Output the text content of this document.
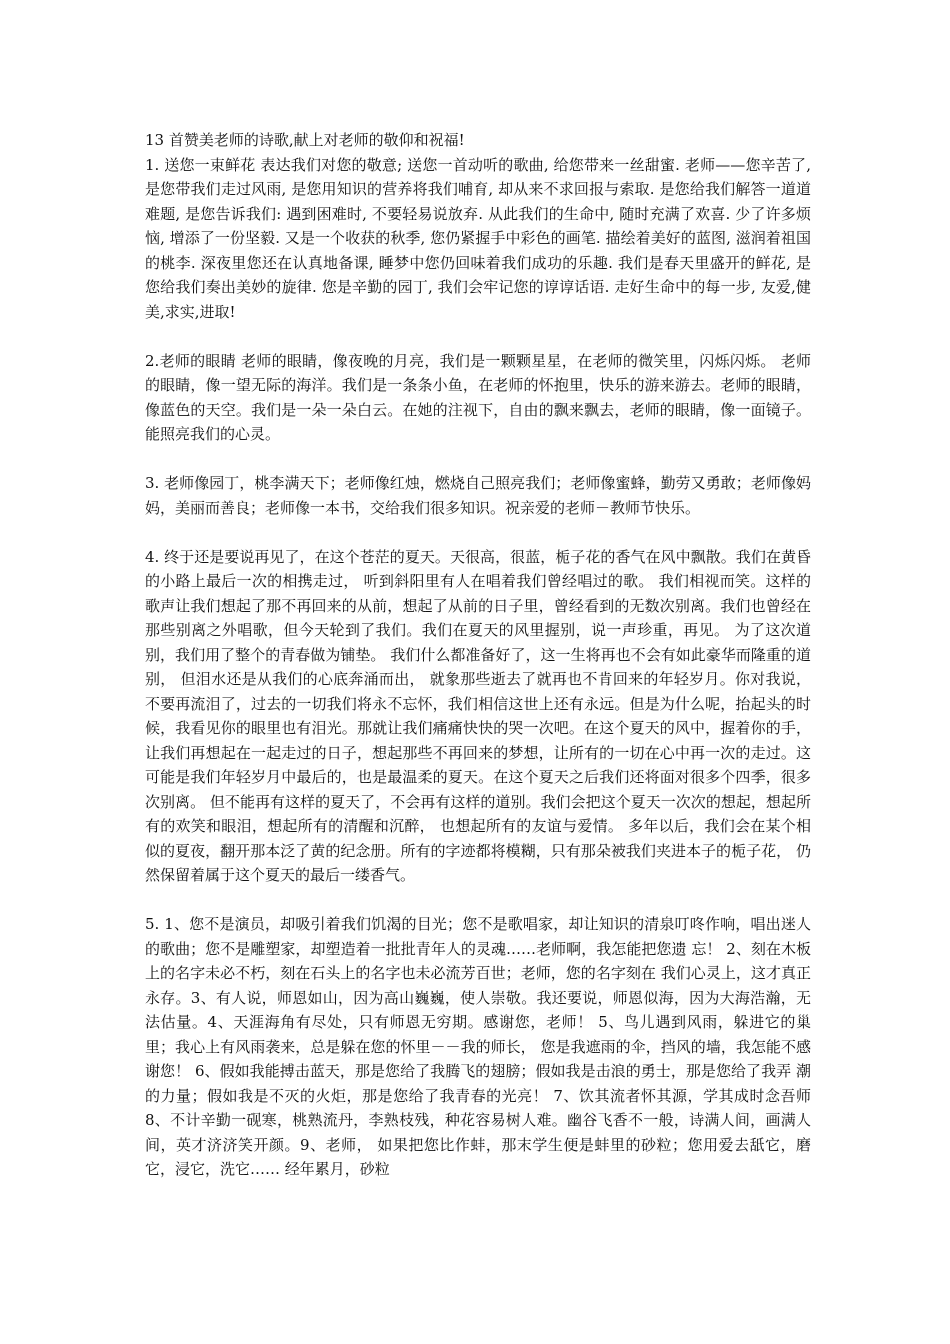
13 首赞美老师的诗歌,献上对老师的敬仰和祝福!

1. 送您一束鲜花 表达我们对您的敬意; 送您一首动听的歌曲, 给您带来一丝甜蜜. 老师——您辛苦了, 是您带我们走过风雨, 是您用知识的营养将我们哺育, 却从来不求回报与索取. 是您给我们解答一道道难题, 是您告诉我们: 遇到困难时, 不要轻易说放弃. 从此我们的生命中, 随时充满了欢喜. 少了许多烦恼, 增添了一份坚毅. 又是一个收获的秋季, 您仍紧握手中彩色的画笔. 描绘着美好的蓝图, 滋润着祖国的桃李. 深夜里您还在认真地备课, 睡梦中您仍回味着我们成功的乐趣. 我们是春天里盛开的鲜花, 是您给我们奏出美妙的旋律. 您是辛勤的园丁, 我们会牢记您的谆谆话语. 走好生命中的每一步, 友爱,健美,求实,进取!

2.老师的眼睛 老师的眼睛，像夜晚的月亮，我们是一颗颗星星，在老师的微笑里，闪烁闪烁。 老师的眼睛，像一望无际的海洋。我们是一条条小鱼，在老师的怀抱里，快乐的游来游去。老师的眼睛，像蓝色的天空。我们是一朵一朵白云。在她的注视下，自由的飘来飘去，老师的眼睛，像一面镜子。 能照亮我们的心灵。

3. 老师像园丁，桃李满天下；老师像红烛，燃烧自己照亮我们；老师像蜜蜂，勤劳又勇敢；老师像妈妈，美丽而善良；老师像一本书，交给我们很多知识。祝亲爱的老师－教师节快乐。

4. 终于还是要说再见了，在这个苍茫的夏天。天很高，很蓝，栀子花的香气在风中飘散。我们在黄昏的小路上最后一次的相携走过， 听到斜阳里有人在唱着我们曾经唱过的歌。 我们相视而笑。这样的歌声让我们想起了那不再回来的从前，想起了从前的日子里，曾经看到的无数次别离。我们也曾经在那些别离之外唱歌，但今天轮到了我们。我们在夏天的风里握别，说一声珍重，再见。 为了这次道别，我们用了整个的青春做为铺垫。 我们什么都准备好了，这一生将再也不会有如此豪华而隆重的道别， 但泪水还是从我们的心底奔涌而出， 就象那些逝去了就再也不肯回来的年轻岁月。你对我说，不要再流泪了，过去的一切我们将永不忘怀，我们相信这世上还有永远。但是为什么呢，抬起头的时候，我看见你的眼里也有泪光。那就让我们痛痛快快的哭一次吧。在这个夏天的风中，握着你的手，让我们再想起在一起走过的日子，想起那些不再回来的梦想，让所有的一切在心中再一次的走过。这可能是我们年轻岁月中最后的，也是最温柔的夏天。在这个夏天之后我们还将面对很多个四季，很多次别离。 但不能再有这样的夏天了，不会再有这样的道别。我们会把这个夏天一次次的想起，想起所有的欢笑和眼泪，想起所有的清醒和沉醉， 也想起所有的友谊与爱情。 多年以后，我们会在某个相似的夏夜，翻开那本泛了黄的纪念册。所有的字迹都将模糊，只有那朵被我们夹进本子的栀子花， 仍然保留着属于这个夏天的最后一缕香气。

5. 1、您不是演员，却吸引着我们饥渴的目光；您不是歌唱家，却让知识的清泉叮咚作响，唱出迷人的歌曲；您不是雕塑家，却塑造着一批批青年人的灵魂……老师啊，我怎能把您遗 忘！ 2、刻在木板上的名字未必不朽，刻在石头上的名字也未必流芳百世；老师，您的名字刻在 我们心灵上，这才真正永存。3、有人说，师恩如山，因为高山巍巍，使人崇敬。我还要说，师恩似海，因为大海浩瀚，无法估量。4、天涯海角有尽处，只有师恩无穷期。感谢您，老师！ 5、鸟儿遇到风雨，躲进它的巢里；我心上有风雨袭来，总是躲在您的怀里－－我的师长， 您是我遮雨的伞，挡风的墙，我怎能不感谢您！ 6、假如我能搏击蓝天，那是您给了我腾飞的翅膀；假如我是击浪的勇士，那是您给了我弄 潮的力量；假如我是不灭的火炬，那是您给了我青春的光亮！ 7、饮其流者怀其源，学其成时念吾师 8、不计辛勤一砚寒，桃熟流丹，李熟枝残，种花容易树人难。幽谷飞香不一般，诗满人间，画满人间，英才济济笑开颜。9、老师， 如果把您比作蚌，那末学生便是蚌里的砂粒；您用爱去舐它，磨它，浸它，洗它…… 经年累月，砂粒
